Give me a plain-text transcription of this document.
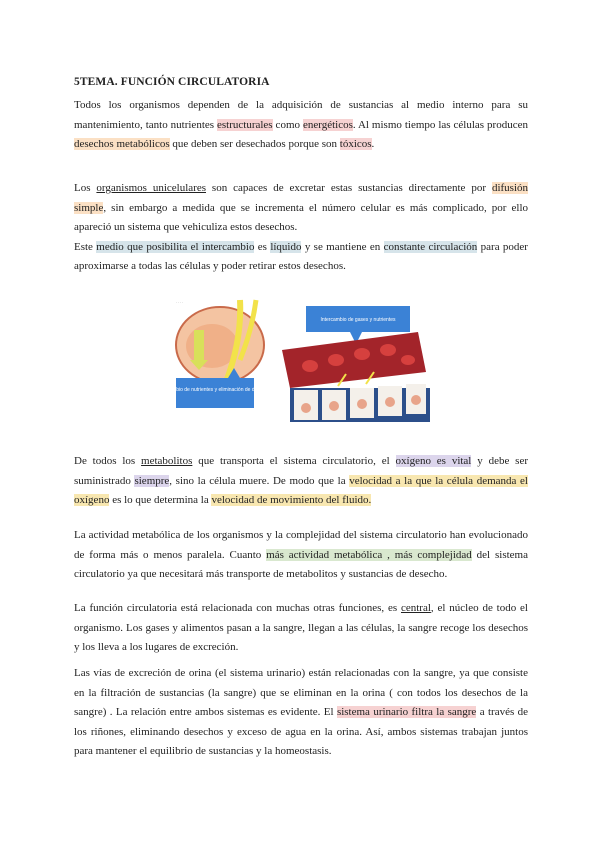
5TEMA. FUNCIÓN CIRCULATORIA
Todos los organismos dependen de la adquisición de sustancias al medio interno para su mantenimiento, tanto nutrientes estructurales como energéticos. Al mismo tiempo las células producen desechos metabólicos que deben ser desechados porque son tóxicos.
Los organismos unicelulares son capaces de excretar estas sustancias directamente por difusión simple, sin embargo a medida que se incrementa el número celular es más complicado, por ello apareció un sistema que vehiculiza estos desechos.
Este medio que posibilita el intercambio es líquido y se mantiene en constante circulación para poder aproximarse a todas las células y poder retirar estos desechos.
· · · ·
Intercambio de nutrientes y eliminación de desechos
Intercambio de gases y nutrientes
De todos los metabolitos que transporta el sistema circulatorio, el oxígeno es vital y debe ser suministrado siempre, sino la célula muere. De modo que la velocidad a la que la célula demanda el oxígeno es lo que determina la velocidad de movimiento del fluido.
La actividad metabólica de los organismos y la complejidad del sistema circulatorio han evolucionado de forma más o menos paralela. Cuanto más actividad metabólica , más complejidad del sistema circulatorio ya que necesitará más transporte de metabolitos y sustancias de desecho.
La función circulatoria está relacionada con muchas otras funciones, es central, el núcleo de todo el organismo. Los gases y alimentos pasan a la sangre, llegan a las células, la sangre recoge los desechos y los lleva a los lugares de excreción.
Las vías de excreción de orina (el sistema urinario) están relacionadas con la sangre, ya que consiste en la filtración de sustancias (la sangre) que se eliminan en la orina ( con todos los desechos de la sangre) . La relación entre ambos sistemas es evidente. El sistema urinario filtra la sangre a través de los riñones, eliminando desechos y exceso de agua en la orina. Así, ambos sistemas trabajan juntos para mantener el equilibrio de sustancias y la homeostasis.
